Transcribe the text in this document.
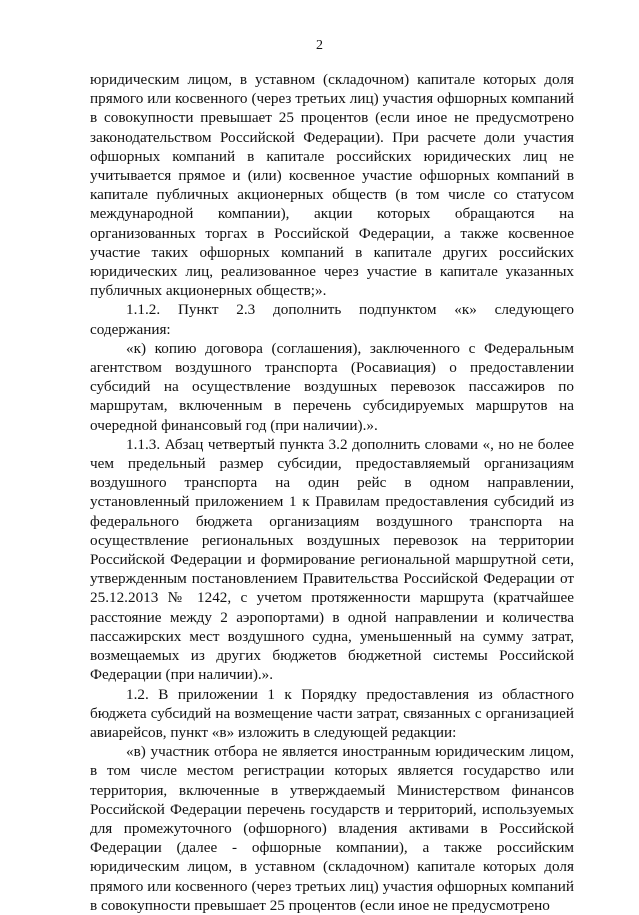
2

юридическим лицом, в уставном (складочном) капитале которых доля прямого или косвенного (через третьих лиц) участия офшорных компаний в совокупности превышает 25 процентов (если иное не предусмотрено законодательством Российской Федерации). При расчете доли участия офшорных компаний в капитале российских юридических лиц не учитывается прямое и (или) косвенное участие офшорных компаний в капитале публичных акционерных обществ (в том числе со статусом международной компании), акции которых обращаются на организованных торгах в Российской Федерации, а также косвенное участие таких офшорных компаний в капитале других российских юридических лиц, реализованное через участие в капитале указанных публичных акционерных обществ;».

1.1.2. Пункт 2.3 дополнить подпунктом «к» следующего содержания:

«к) копию договора (соглашения), заключенного с Федеральным агентством воздушного транспорта (Росавиация) о предоставлении субсидий на осуществление воздушных перевозок пассажиров по маршрутам, включенным в перечень субсидируемых маршрутов на очередной финансовый год (при наличии).».

1.1.3. Абзац четвертый пункта 3.2 дополнить словами «, но не более чем предельный размер субсидии, предоставляемый организациям воздушного транспорта на один рейс в одном направлении, установленный приложением 1 к Правилам предоставления субсидий из федерального бюджета организациям воздушного транспорта на осуществление региональных воздушных перевозок на территории Российской Федерации и формирование региональной маршрутной сети, утвержденным постановлением Правительства Российской Федерации от 25.12.2013 № 1242, с учетом протяженности маршрута (кратчайшее расстояние между 2 аэропортами) в одной направлении и количества пассажирских мест воздушного судна, уменьшенный на сумму затрат, возмещаемых из других бюджетов бюджетной системы Российской Федерации (при наличии).».

1.2. В приложении 1 к Порядку предоставления из областного бюджета субсидий на возмещение части затрат, связанных с организацией авиарейсов, пункт «в» изложить в следующей редакции:

«в) участник отбора не является иностранным юридическим лицом, в том числе местом регистрации которых является государство или территория, включенные в утверждаемый Министерством финансов Российской Федерации перечень государств и территорий, используемых для промежуточного (офшорного) владения активами в Российской Федерации (далее - офшорные компании), а также российским юридическим лицом, в уставном (складочном) капитале которых доля прямого или косвенного (через третьих лиц) участия офшорных компаний в совокупности превышает 25 процентов (если иное не предусмотрено
